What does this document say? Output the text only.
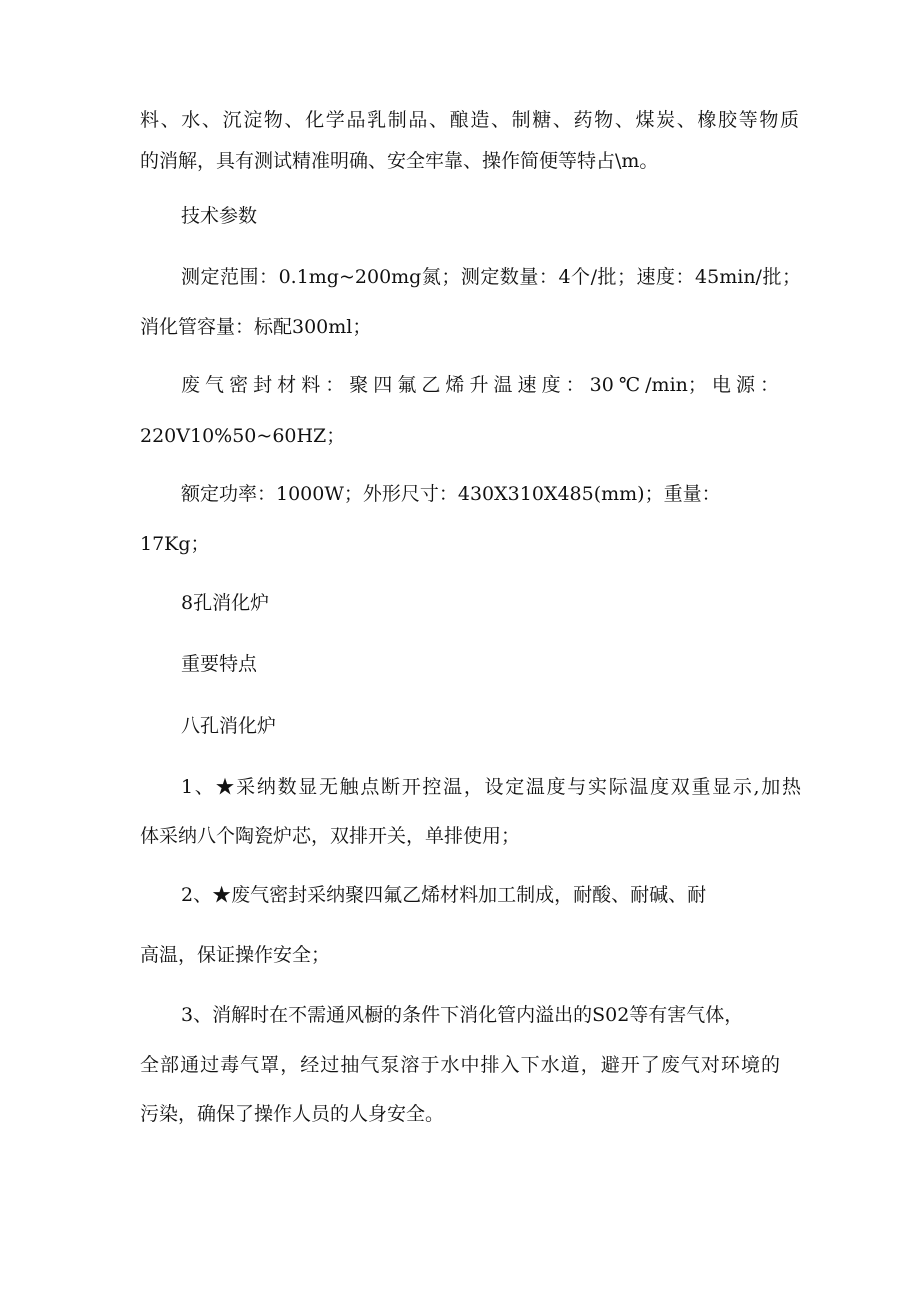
料、水、沉淀物、化学品乳制品、酿造、制糖、药物、煤炭、橡胶等物质

的消解，具有测试精准明确、安全牢靠、操作简便等特占\m。

技术参数

测定范围：0.1mg~200mg氮；测定数量：4个/批；速度：45min/批；

消化管容量：标配300ml；

废气密封材料：聚四氟乙烯升温速度：30℃/min；电源：

220V10%50~60HZ；

额定功率：1000W；外形尺寸：430X310X485(mm)；重量：

17Kg；

8孔消化炉

重要特点

八孔消化炉

1、★采纳数显无触点断开控温，设定温度与实际温度双重显示,加热

体采纳八个陶瓷炉芯，双排开关，单排使用；

2、★废气密封采纳聚四氟乙烯材料加工制成，耐酸、耐碱、耐

高温，保证操作安全；

3、消解时在不需通风橱的条件下消化管内溢出的S02等有害气体，

全部通过毒气罩，经过抽气泵溶于水中排入下水道，避开了废气对环境的

污染，确保了操作人员的人身安全。
